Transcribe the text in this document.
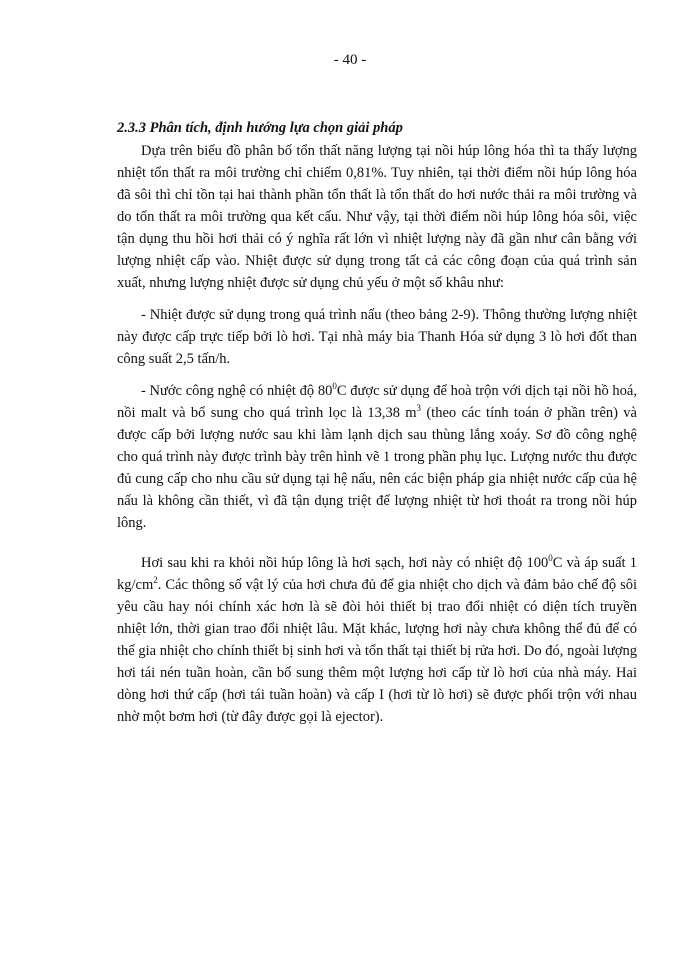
- 40 -

2.3.3 Phân tích, định hướng lựa chọn giải pháp

Dựa trên biểu đồ phân bố tổn thất năng lượng tại nồi húp lông hóa thì ta thấy lượng nhiệt tổn thất ra môi trường chỉ chiếm 0,81%. Tuy nhiên, tại thời điểm nồi húp lông hóa đã sôi thì chỉ tồn tại hai thành phần tổn thất là tổn thất do hơi nước thải ra môi trường và do tổn thất ra môi trường qua kết cấu. Như vậy, tại thời điểm nồi húp lông hóa sôi, việc tận dụng thu hồi hơi thải có ý nghĩa rất lớn vì nhiệt lượng này đã gần như cân bằng với lượng nhiệt cấp vào. Nhiệt được sử dụng trong tất cả các công đoạn của quá trình sản xuất, nhưng lượng nhiệt được sử dụng chủ yếu ở một số khâu như:

- Nhiệt được sử dụng trong quá trình nấu (theo bảng 2-9). Thông thường lượng nhiệt này được cấp trực tiếp bởi lò hơi. Tại nhà máy bia Thanh Hóa sử dụng 3 lò hơi đốt than công suất 2,5 tấn/h.

- Nước công nghệ có nhiệt độ $80^0C$ được sử dụng để hoà trộn với dịch tại nồi hồ hoá, nồi malt và bổ sung cho quá trình lọc là 13,38 $m^3$ (theo các tính toán ở phần trên) và được cấp bởi lượng nước sau khi làm lạnh dịch sau thùng lắng xoáy. Sơ đồ công nghệ cho quá trình này được trình bày trên hình vẽ 1 trong phần phụ lục. Lượng nước thu được đủ cung cấp cho nhu cầu sử dụng tại hệ nấu, nên các biện pháp gia nhiệt nước cấp của hệ nấu là không cần thiết, vì đã tận dụng triệt để lượng nhiệt từ hơi thoát ra trong nồi húp lông.

Hơi sau khi ra khỏi nồi húp lông là hơi sạch, hơi này có nhiệt độ $100^0C$ và áp suất 1 $kg/cm^2$. Các thông số vật lý của hơi chưa đủ để gia nhiệt cho dịch và đảm bảo chế độ sôi yêu cầu hay nói chính xác hơn là sẽ đòi hỏi thiết bị trao đổi nhiệt có diện tích truyền nhiệt lớn, thời gian trao đổi nhiệt lâu. Mặt khác, lượng hơi này chưa không thể đủ để có thể gia nhiệt cho chính thiết bị sinh hơi và tổn thất tại thiết bị rửa hơi. Do đó, ngoài lượng hơi tái nén tuần hoàn, cần bổ sung thêm một lượng hơi cấp từ lò hơi của nhà máy. Hai dòng hơi thứ cấp (hơi tái tuần hoàn) và cấp I (hơi từ lò hơi) sẽ được phối trộn với nhau nhờ một bơm hơi (từ đây được gọi là ejector).
